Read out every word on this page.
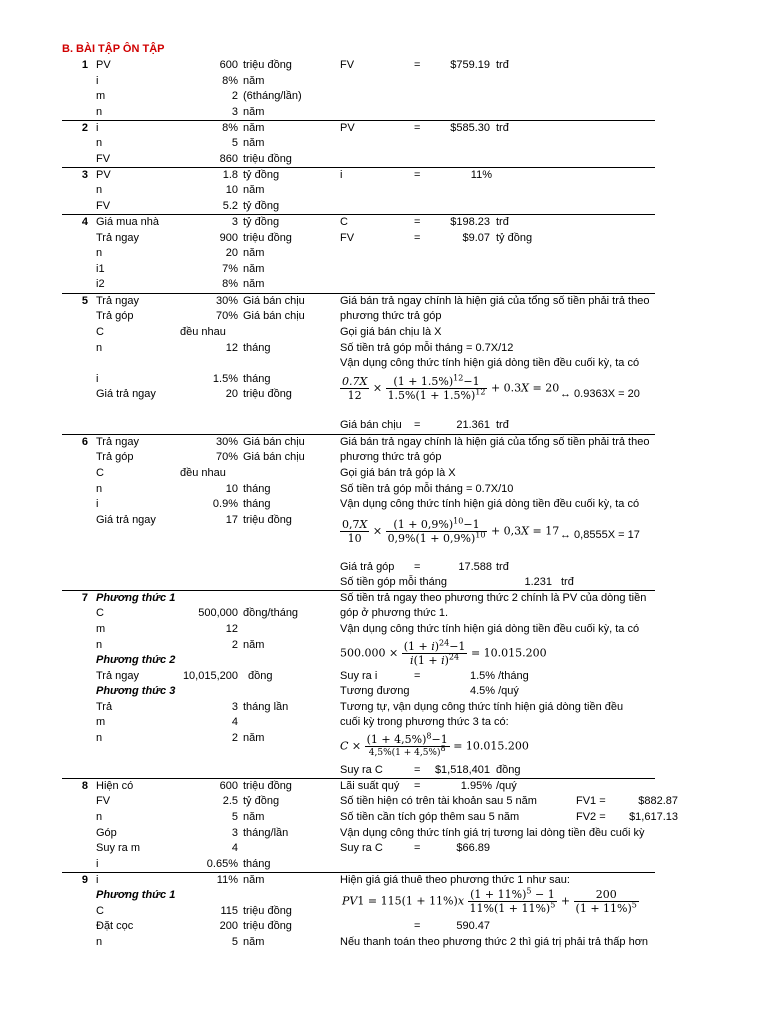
B. BÀI TẬP ÔN TẬP
1 PV	600 triệu đồng
i	8% năm
m	2 (6tháng/lần)
n	3 năm
FV	=	$759.19 trđ
2 i	8% năm
n	5 năm
FV	860 triệu đồng
PV	=	$585.30 trđ
3 PV	1.8 tỷ đồng
n	10 năm
FV	5.2 tỷ đồng
i	=	11%
4 Giá mua nhà	3 tỷ đồng
Trả ngay	900 triệu đồng
n	20 năm
i1	7% năm
i2	8% năm
C	=	$198.23 trđ
FV	=	$9.07 tỷ đồng
5 Trả ngay	30% Giá bán chịu
Trả góp	70% Giá bán chịu
C	đều nhau
n	12 tháng
i	1.5% tháng
Giá trả ngay	20 triệu đồng
Giá bán trả ngay chính là hiện giá của tổng số tiền phải trả theo
phương thức trả góp
Gọi giá bán chịu là X
Số tiền trả góp mỗi tháng = 0.7X/12
Vận dụng công thức tính hiện giá dòng tiền đều cuối kỳ, ta có
$\frac{0.7X}{12} \times \frac{(1 + 1.5\%)^{12}-1}{1.5\%(1 + 1.5\%)^{12}} + 0.3X = 20$ ↔ 0.9363X = 20
Giá bán chịu =	21.361 trđ
6 Trả ngay	30% Giá bán chịu
Trả góp	70% Giá bán chịu
C	đều nhau
n	10 tháng
i	0.9% tháng
Giá trả ngay	17 triệu đồng
Giá bán trả ngay chính là hiện giá của tổng số tiền phải trả theo
phương thức trả góp
Gọi giá bán trả góp là X
Số tiền trả góp mỗi tháng = 0.7X/10
Vận dụng công thức tính hiện giá dòng tiền đều cuối kỳ, ta có
$\frac{0,7X}{10} \times \frac{(1 + 0,9\%)^{10}-1}{0,9\%(1 + 0,9\%)^{10}} + 0,3X = 17$ ↔ 0,8555X = 17
Giá trả góp =	17.588 trđ
Số tiền góp mỗi tháng	1.231 trđ
7 Phương thức 1
C	500,000 đồng/tháng
m	12
n	2 năm
Phương thức 2
Trả ngay	10,015,200 đồng
Phương thức 3
Trả	3 tháng lần
m	4
n	2 năm
Số tiền trả ngay theo phương thức 2 chính là PV của dòng tiền
góp ở phương thức 1.
Vận dụng công thức tính hiện giá dòng tiền đều cuối kỳ, ta có
$500.000 \times \frac{(1 + i)^{24}-1}{i(1 + i)^{24}} = 10.015.200$
Suy ra i	=	1.5% /tháng
Tương đương	4.5% /quý
Tương tự, vận dụng công thức tính hiện giá dòng tiền đều
cuối kỳ trong phương thức 3 ta có:
$C \times \frac{(1 + 4,5\%)^8-1}{4,5\%(1 + 4,5\%)^8} = 10.015.200$
Suy ra C	=	$1,518,401 đồng
8 Hiện có	600 triệu đồng
FV	2.5 tỷ đồng
n	5 năm
Góp	3 tháng/lần
Suy ra m	4
i	0.65% tháng
Lãi suất quý =	1.95% /quý
Số tiền hiện có trên tài khoản sau 5 năm	FV1 =	$882.87
Số tiền cần tích góp thêm sau 5 năm	FV2 =	$1,617.13
Vận dụng công thức tính giá trị tương lai dòng tiền đều cuối kỳ
Suy ra C	=	$66.89
9 i	11% năm
Phương thức 1
C	115 triệu đồng
Đặt cọc	200 triệu đồng
n	5 năm
Hiện giá giá thuê theo phương thức 1 như sau:
$PV1 = 115(1 + 11\%)x \frac{(1 + 11\%)^5 - 1}{11\%(1 + 11\%)^5} + \frac{200}{(1 + 11\%)^5}$
=	590.47
Nếu thanh toán theo phương thức 2 thì giá trị phải trả thấp hơn
